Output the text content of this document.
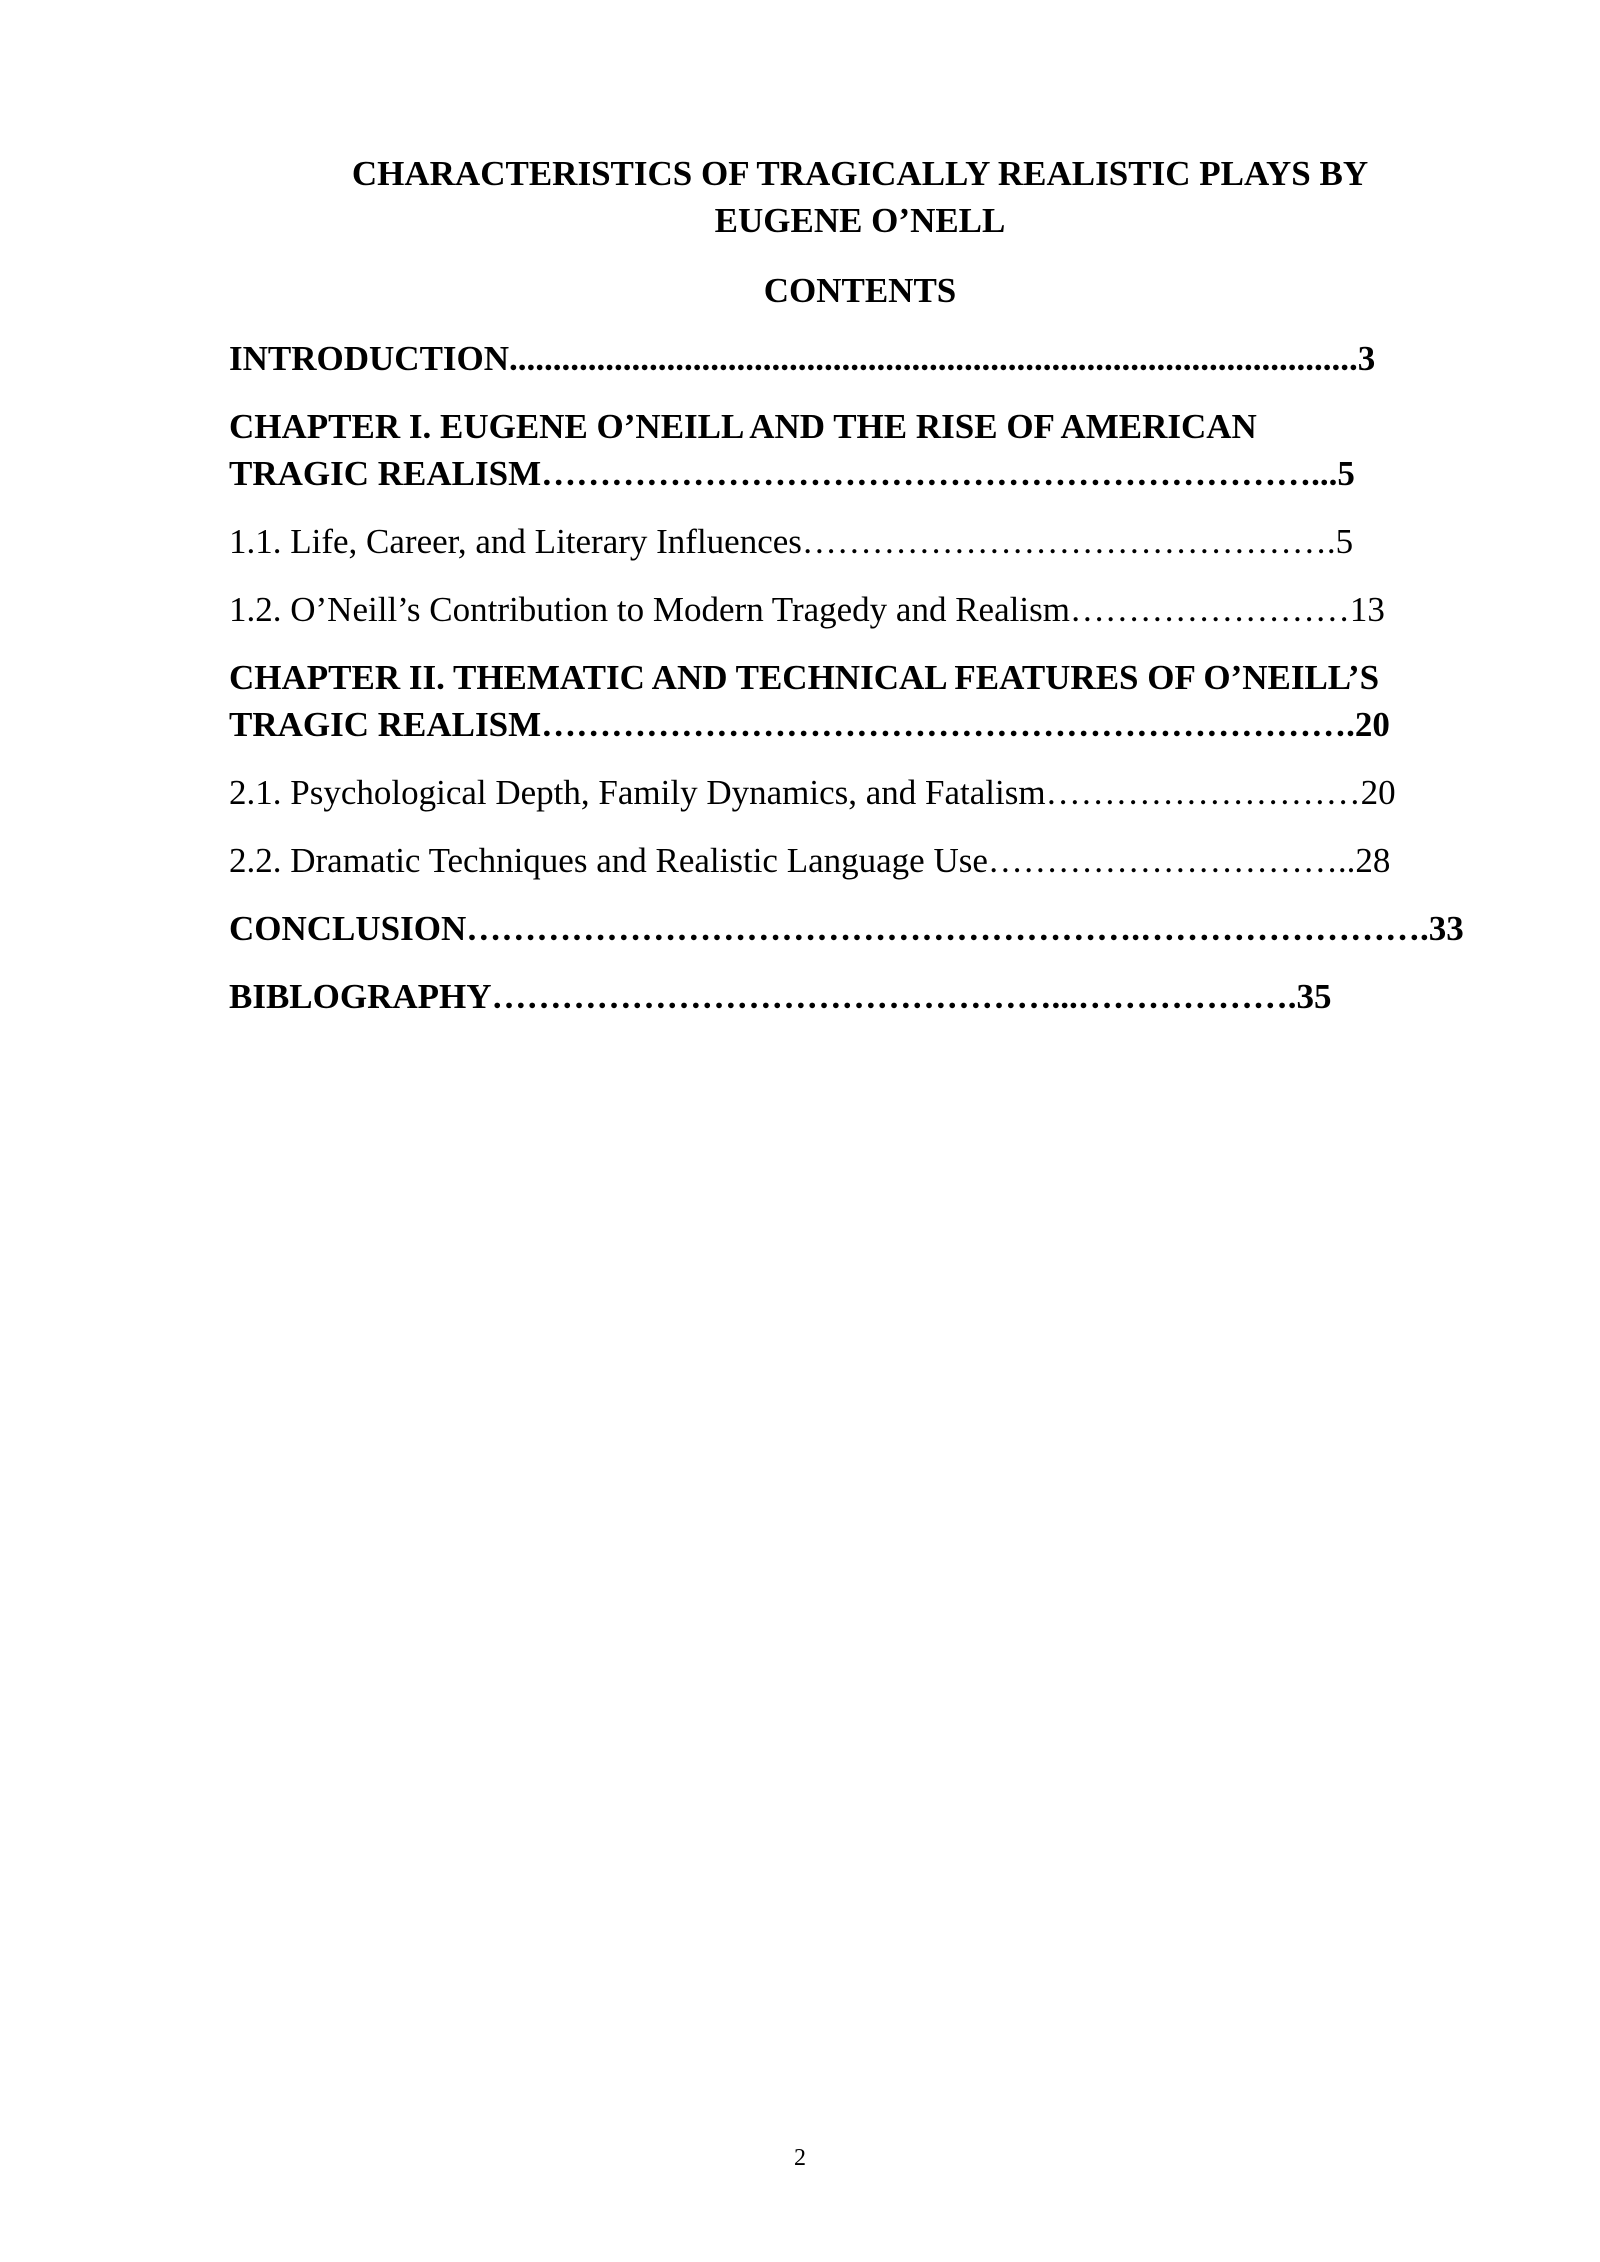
CHARACTERISTICS OF TRAGICALLY REALISTIC PLAYS BY EUGENE O’NELL
CONTENTS
INTRODUCTION.................................................................................................3
CHAPTER I. EUGENE O’NEILL AND THE RISE OF AMERICAN
TRAGIC REALISM…………………………………………………………...5
1.1. Life, Career, and Literary Influences……………………………………….5
1.2. O’Neill’s Contribution to Modern Tragedy and Realism……………………13
CHAPTER II. THEMATIC AND TECHNICAL FEATURES OF O’NEILL’S
TRAGIC REALISM…………………………………………………………….20
2.1. Psychological Depth, Family Dynamics, and Fatalism………………………20
2.2. Dramatic Techniques and Realistic Language Use…………………………..28
CONCLUSION………………………………………………….…………………….33
BIBLOGRAPHY…………………………………………...……………….35
2
